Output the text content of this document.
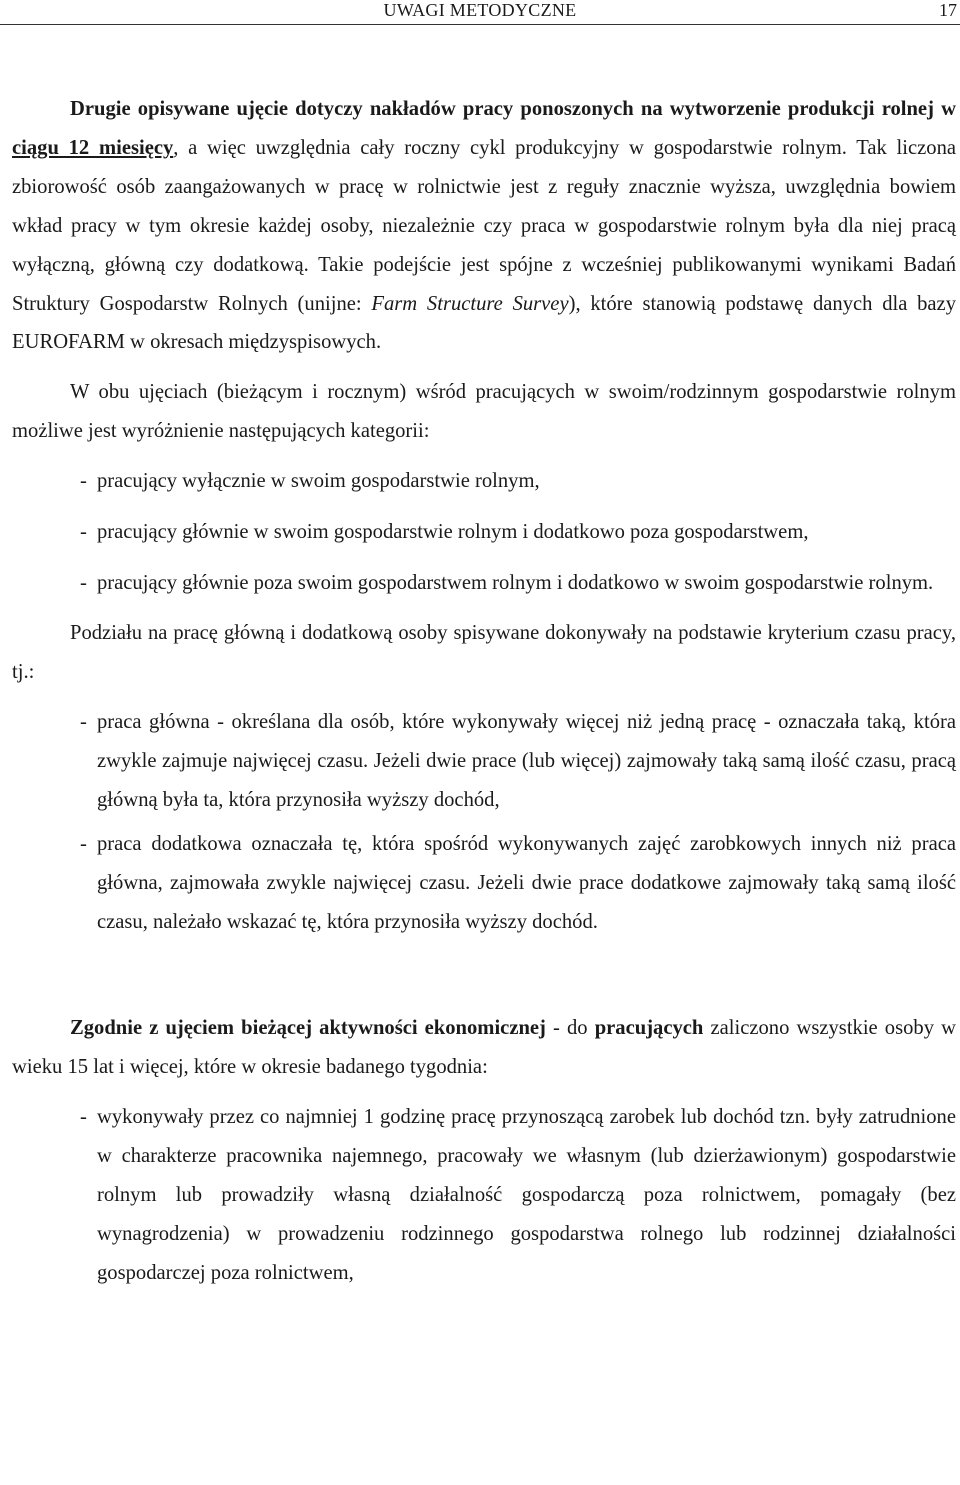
UWAGI METODYCZNE	17

Drugie opisywane ujęcie dotyczy nakładów pracy ponoszonych na wytworzenie produkcji rolnej w ciągu 12 miesięcy, a więc uwzględnia cały roczny cykl produkcyjny w gospodarstwie rolnym. Tak liczona zbiorowość osób zaangażowanych w pracę w rolnictwie jest z reguły znacznie wyższa, uwzględnia bowiem wkład pracy w tym okresie każdej osoby, niezależnie czy praca w gospodarstwie rolnym była dla niej pracą wyłączną, główną czy dodatkową. Takie podejście jest spójne z wcześniej publikowanymi wynikami Badań Struktury Gospodarstw Rolnych (unijne: Farm Structure Survey), które stanowią podstawę danych dla bazy EUROFARM w okresach międzyspisowych.

W obu ujęciach (bieżącym i rocznym) wśród pracujących w swoim/rodzinnym gospodarstwie rolnym możliwe jest wyróżnienie następujących kategorii:

- pracujący wyłącznie w swoim gospodarstwie rolnym,
- pracujący głównie w swoim gospodarstwie rolnym i dodatkowo poza gospodarstwem,
- pracujący głównie poza swoim gospodarstwem rolnym i dodatkowo w swoim gospodarstwie rolnym.

Podziału na pracę główną i dodatkową osoby spisywane dokonywały na podstawie kryterium czasu pracy, tj.:

- praca główna - określana dla osób, które wykonywały więcej niż jedną pracę - oznaczała taką, która zwykle zajmuje najwięcej czasu. Jeżeli dwie prace (lub więcej) zajmowały taką samą ilość czasu, pracą główną była ta, która przynosiła wyższy dochód,
- praca dodatkowa oznaczała tę, która spośród wykonywanych zajęć zarobkowych innych niż praca główna, zajmowała zwykle najwięcej czasu. Jeżeli dwie prace dodatkowe zajmowały taką samą ilość czasu, należało wskazać tę, która przynosiła wyższy dochód.

Zgodnie z ujęciem bieżącej aktywności ekonomicznej - do pracujących zaliczono wszystkie osoby w wieku 15 lat i więcej, które w okresie badanego tygodnia:

- wykonywały przez co najmniej 1 godzinę pracę przynoszącą zarobek lub dochód tzn. były zatrudnione w charakterze pracownika najemnego, pracowały we własnym (lub dzierżawionym) gospodarstwie rolnym lub prowadziły własną działalność gospodarczą poza rolnictwem, pomagały (bez wynagrodzenia) w prowadzeniu rodzinnego gospodarstwa rolnego lub rodzinnej działalności gospodarczej poza rolnictwem,
